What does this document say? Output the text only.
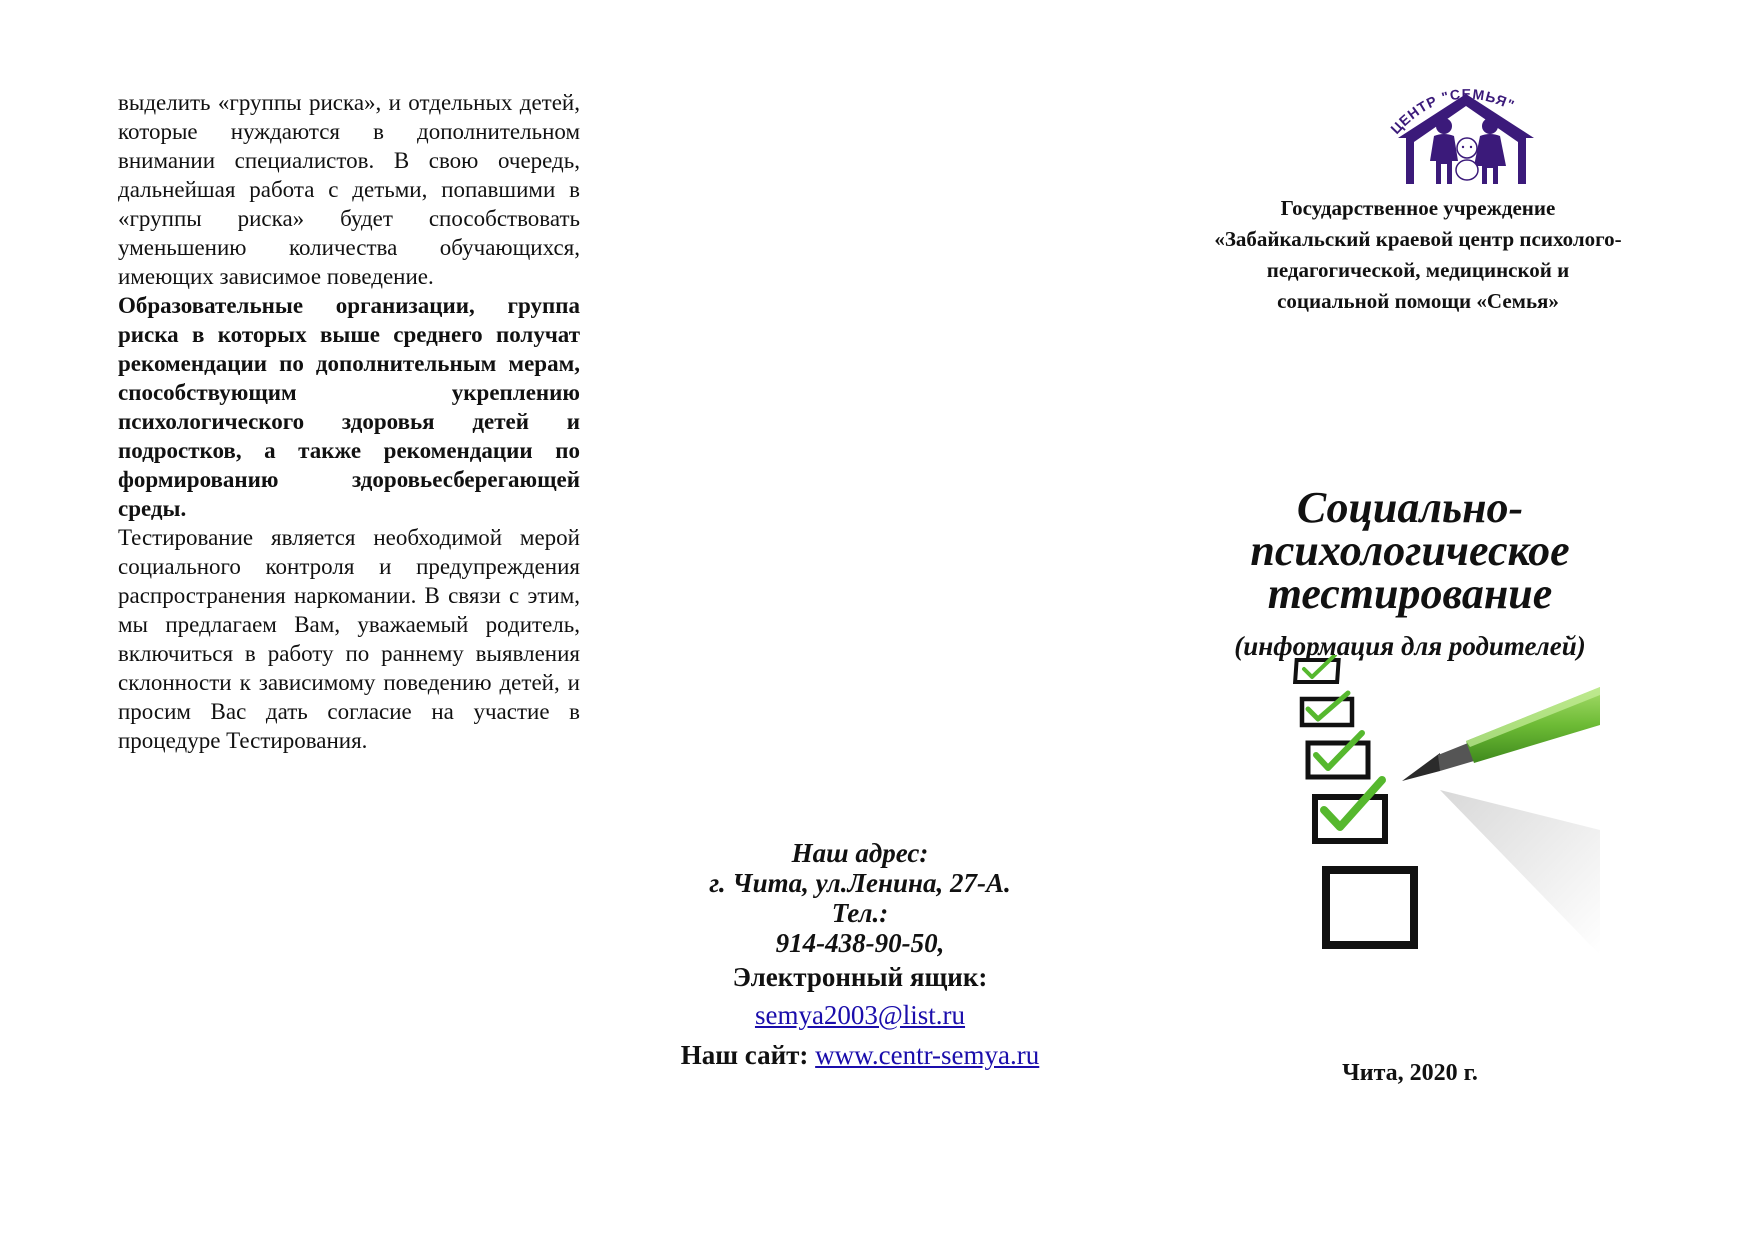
выделить «группы риска», и отдельных детей, которые нуждаются в дополнительном внимании специалистов. В свою очередь, дальнейшая работа с детьми, попавшими в «группы риска» будет способствовать уменьшению количества обучающихся, имеющих зависимое поведение.

Образовательные организации, группа риска в которых выше среднего получат рекомендации по дополнительным мерам, способствующим укреплению психологического здоровья детей и подростков, а также рекомендации по формированию здоровьесберегающей среды.

Тестирование является необходимой мерой социального контроля и предупреждения распространения наркомании. В связи с этим, мы предлагаем Вам, уважаемый родитель, включиться в работу по раннему выявления склонности к зависимому поведению детей, и просим Вас дать согласие на участие в процедуре Тестирования.

Наш адрес:
г. Чита, ул.Ленина, 27-А.
Тел.:
914-438-90-50,
Электронный ящик:
semya2003@list.ru
Наш сайт: www.centr-semya.ru
ЦЕНТР "СЕМЬЯ"
Государственное учреждение
«Забайкальский краевой центр психолого-
педагогической, медицинской и
социальной помощи «Семья»
Социально-
психологическое
тестирование
(информация для родителей)
Чита, 2020 г.
